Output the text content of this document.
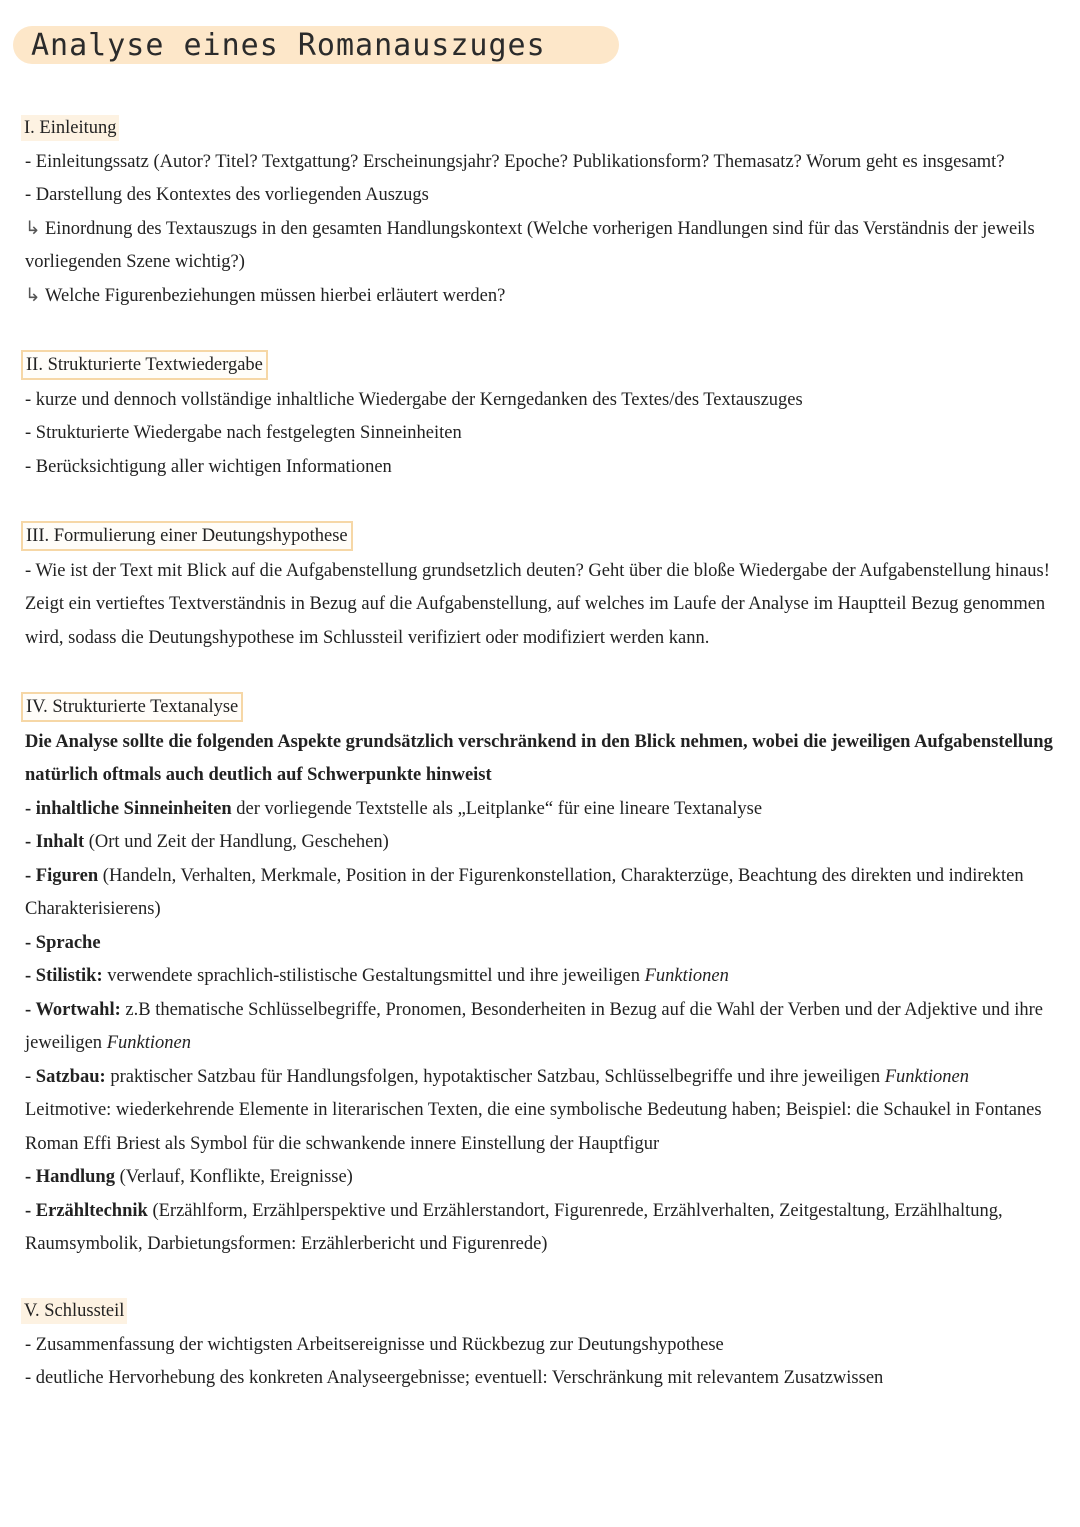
Analyse eines Romanauszuges
I. Einleitung
- Einleitungssatz (Autor? Titel? Textgattung? Erscheinungsjahr? Epoche? Publikationsform? Themasatz? Worum geht es insgesamt?
- Darstellung des Kontextes des vorliegenden Auszugs
↳ Einordnung des Textauszugs in den gesamten Handlungskontext (Welche vorherigen Handlungen sind für das Verständnis der jeweils vorliegenden Szene wichtig?)
↳ Welche Figurenbeziehungen müssen hierbei erläutert werden?
II. Strukturierte Textwiedergabe
- kurze und dennoch vollständige inhaltliche Wiedergabe der Kerngedanken des Textes/des Textauszuges
- Strukturierte Wiedergabe nach festgelegten Sinneinheiten
- Berücksichtigung aller wichtigen Informationen
III. Formulierung einer Deutungshypothese
- Wie ist der Text mit Blick auf die Aufgabenstellung grundsetzlich deuten? Geht über die bloße Wiedergabe der Aufgabenstellung hinaus! Zeigt ein vertieftes Textverständnis in Bezug auf die Aufgabenstellung, auf welches im Laufe der Analyse im Hauptteil Bezug genommen wird, sodass die Deutungshypothese im Schlussteil verifiziert oder modifiziert werden kann.
IV. Strukturierte Textanalyse
Die Analyse sollte die folgenden Aspekte grundsätzlich verschränkend in den Blick nehmen, wobei die jeweiligen Aufgabenstellung natürlich oftmals auch deutlich auf Schwerpunkte hinweist
- inhaltliche Sinneinheiten der vorliegende Textstelle als „Leitplanke“ für eine lineare Textanalyse
- Inhalt (Ort und Zeit der Handlung, Geschehen)
- Figuren (Handeln, Verhalten, Merkmale, Position in der Figurenkonstellation, Charakterzüge, Beachtung des direkten und indirekten Charakterisierens)
- Sprache
- Stilistik: verwendete sprachlich-stilistische Gestaltungsmittel und ihre jeweiligen Funktionen
- Wortwahl: z.B thematische Schlüsselbegriffe, Pronomen, Besonderheiten in Bezug auf die Wahl der Verben und der Adjektive und ihre jeweiligen Funktionen
- Satzbau: praktischer Satzbau für Handlungsfolgen, hypotaktischer Satzbau, Schlüsselbegriffe und ihre jeweiligen Funktionen
Leitmotive: wiederkehrende Elemente in literarischen Texten, die eine symbolische Bedeutung haben; Beispiel: die Schaukel in Fontanes Roman Effi Briest als Symbol für die schwankende innere Einstellung der Hauptfigur
- Handlung (Verlauf, Konflikte, Ereignisse)
- Erzähltechnik (Erzählform, Erzählperspektive und Erzählerstandort, Figurenrede, Erzählverhalten, Zeitgestaltung, Erzählhaltung, Raumsymbolik, Darbietungsformen: Erzählerbericht und Figurenrede)
V. Schlussteil
- Zusammenfassung der wichtigsten Arbeitsereignisse und Rückbezug zur Deutungshypothese
- deutliche Hervorhebung des konkreten Analyseergebnisse; eventuell: Verschränkung mit relevantem Zusatzwissen
